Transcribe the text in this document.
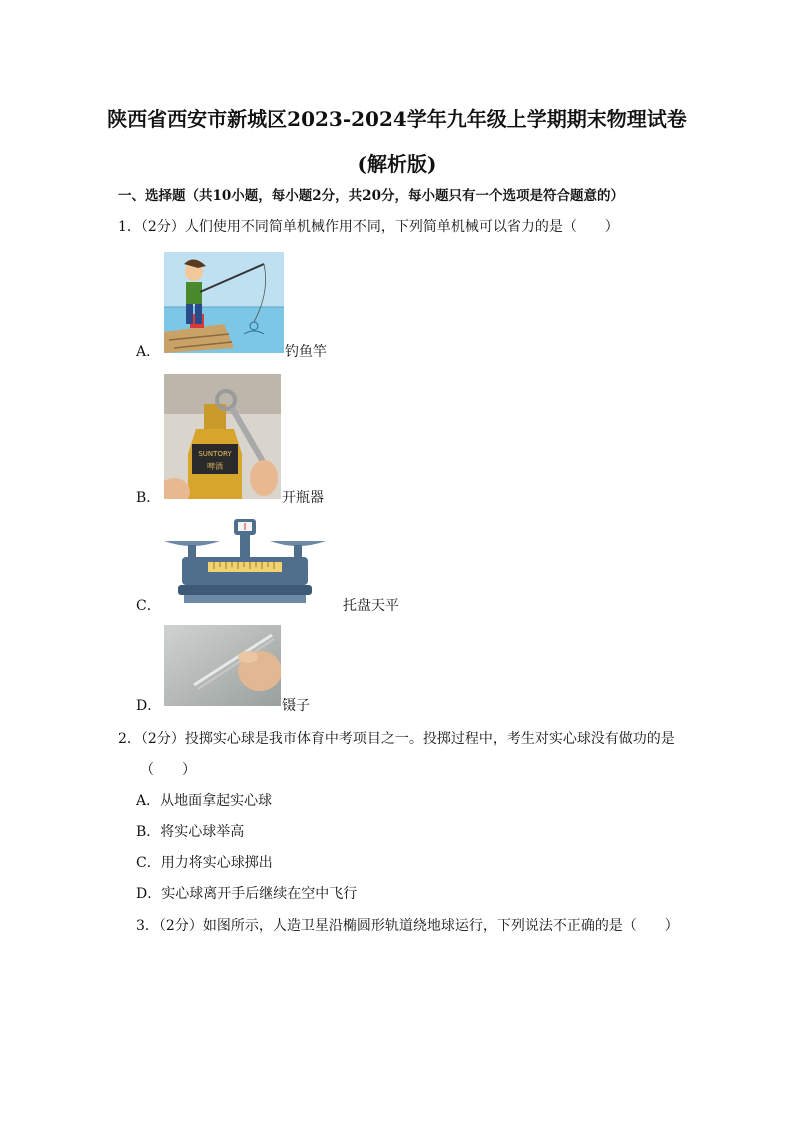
陕西省西安市新城区2023-2024学年九年级上学期期末物理试卷
(解析版)
一、选择题（共10小题，每小题2分，共20分，每小题只有一个选项是符合题意的）
1．（2分）人们使用不同简单机械作用不同，下列简单机械可以省力的是（　　）
A．	钓鱼竿
SUNTORY
啤酒
B．	开瓶器
C．	托盘天平
D．	镊子
2．（2分）投掷实心球是我市体育中考项目之一。投掷过程中，考生对实心球没有做功的是
（　　）
A．从地面拿起实心球
B．将实心球举高
C．用力将实心球掷出
D．实心球离开手后继续在空中飞行
3．（2分）如图所示，人造卫星沿椭圆形轨道绕地球运行，下列说法不正确的是（　　）
